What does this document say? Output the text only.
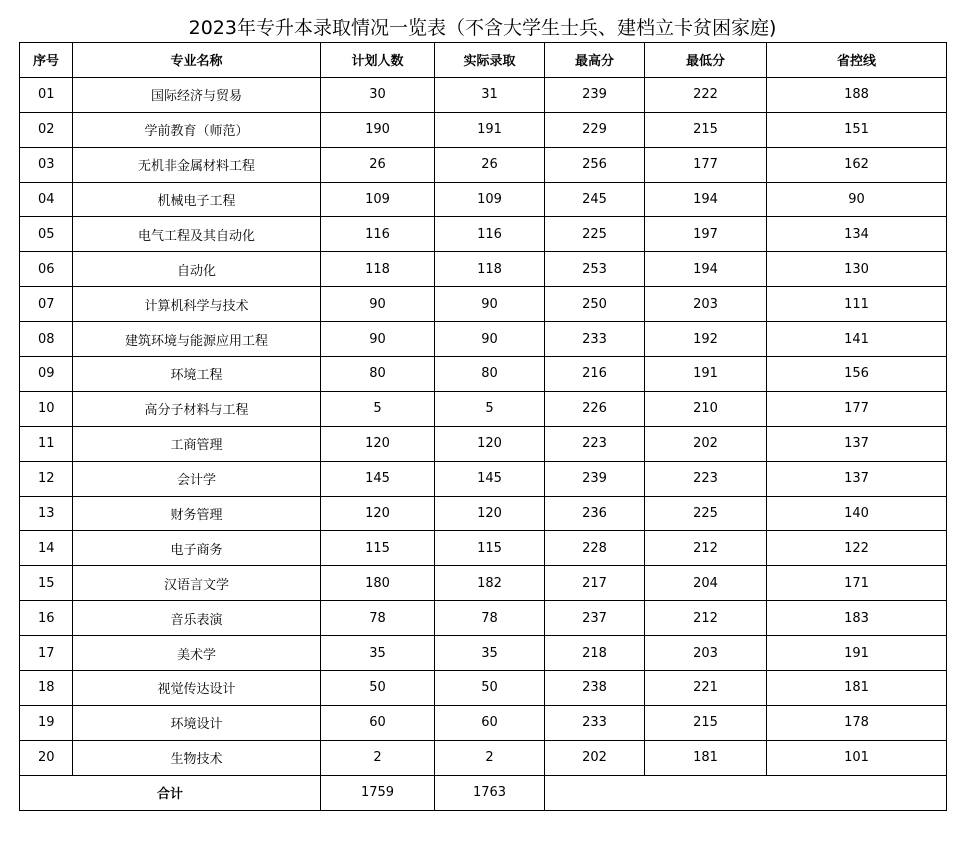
2023年专升本录取情况一览表（不含大学生士兵、建档立卡贫困家庭)
序号	专业名称	计划人数	实际录取	最高分	最低分	省控线
01	国际经济与贸易	30	31	239	222	188
02	学前教育（师范）	190	191	229	215	151
03	无机非金属材料工程	26	26	256	177	162
04	机械电子工程	109	109	245	194	90
05	电气工程及其自动化	116	116	225	197	134
06	自动化	118	118	253	194	130
07	计算机科学与技术	90	90	250	203	111
08	建筑环境与能源应用工程	90	90	233	192	141
09	环境工程	80	80	216	191	156
10	高分子材料与工程	5	5	226	210	177
11	工商管理	120	120	223	202	137
12	会计学	145	145	239	223	137
13	财务管理	120	120	236	225	140
14	电子商务	115	115	228	212	122
15	汉语言文学	180	182	217	204	171
16	音乐表演	78	78	237	212	183
17	美术学	35	35	218	203	191
18	视觉传达设计	50	50	238	221	181
19	环境设计	60	60	233	215	178
20	生物技术	2	2	202	181	101
合计		1759	1763			
